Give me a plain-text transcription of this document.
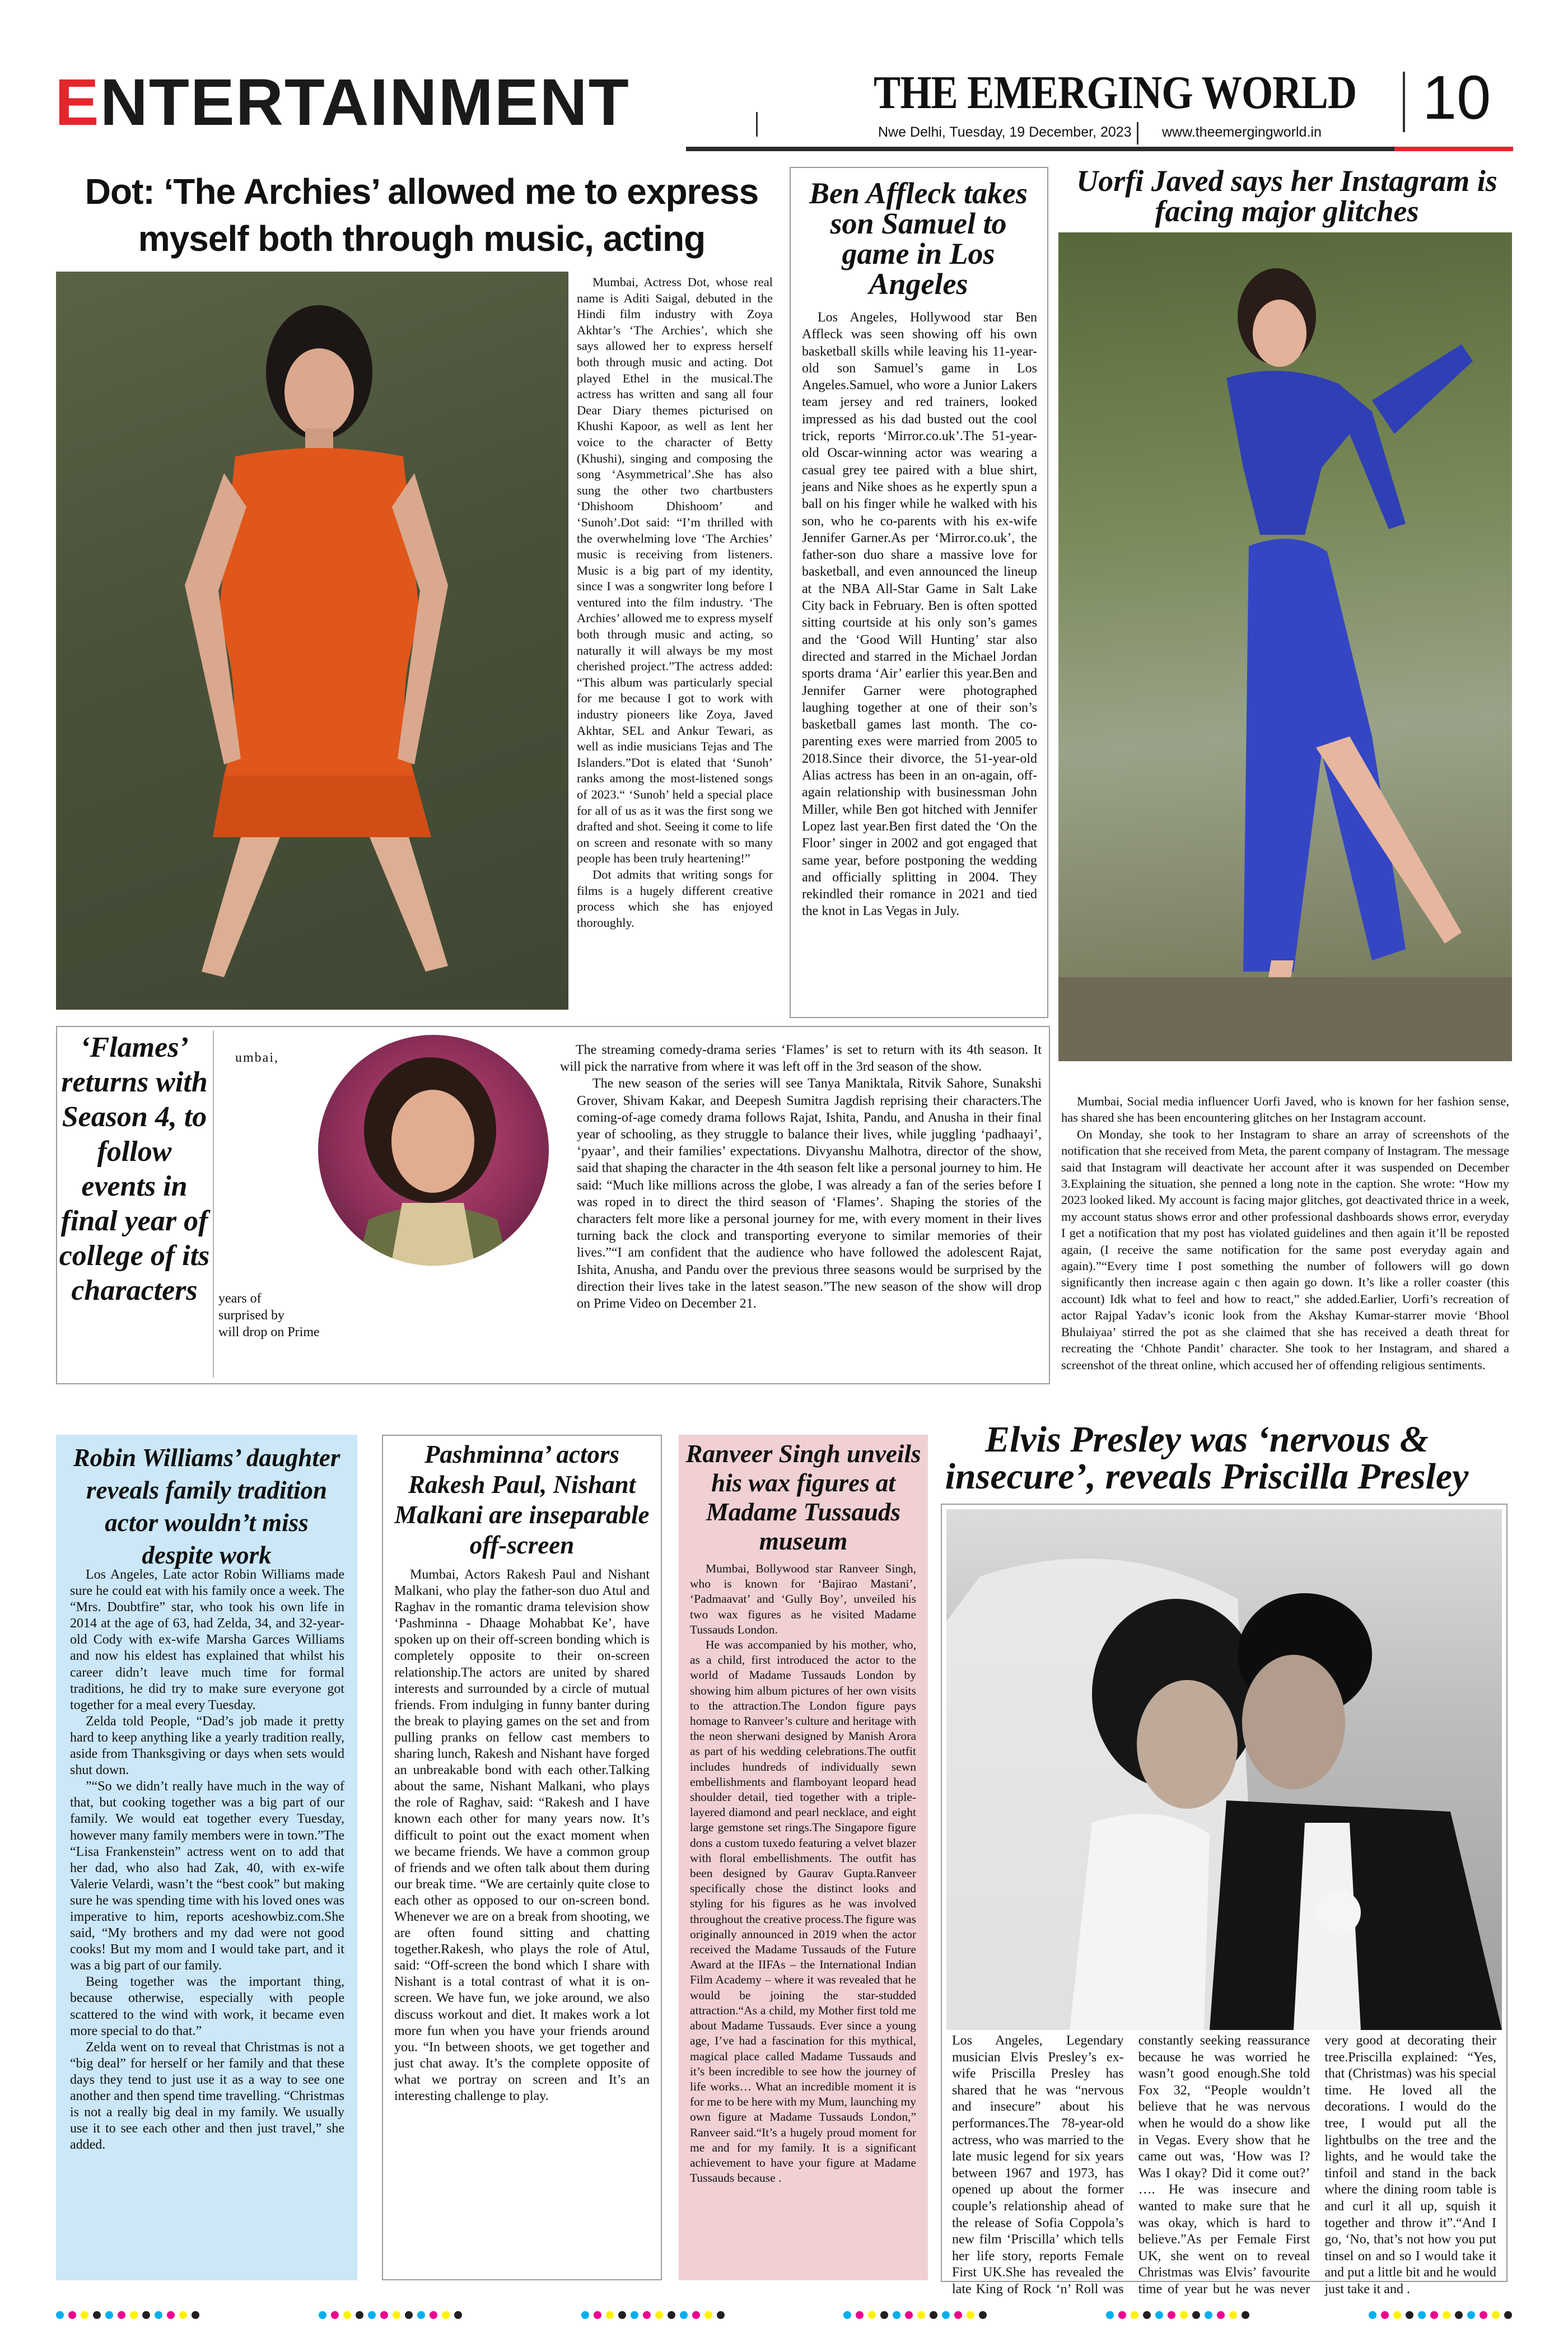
ENTERTAINMENT	THE EMERGING WORLD
Nwe Delhi, Tuesday, 19 December, 2023 www.theemergingworld.in 10
Dot: ‘The Archies’ allowed me to express myself both through music, acting
Mumbai, Actress Dot, whose real name is Aditi Saigal, debuted in the Hindi film industry with Zoya Akhtar’s ‘The Archies’, which she says allowed her to express herself both through music and acting. Dot played Ethel in the musical.The actress has written and sang all four Dear Diary themes picturised on Khushi Kapoor, as well as lent her voice to the character of Betty (Khushi), singing and composing the song ‘Asymmetrical’.She has also sung the other two chartbusters ‘Dhishoom Dhishoom’ and ‘Sunoh’.Dot said: “I’m thrilled with the overwhelming love ‘The Archies’ music is receiving from listeners. Music is a big part of my identity, since I was a songwriter long before I ventured into the film industry. ‘The Archies’ allowed me to express myself both through music and acting, so naturally it will always be my most cherished project.”The actress added: “This album was particularly special for me because I got to work with industry pioneers like Zoya, Javed Akhtar, SEL and Ankur Tewari, as well as indie musicians Tejas and The Islanders.”Dot is elated that ‘Sunoh’ ranks among the most-listened songs of 2023.“ ‘Sunoh’ held a special place for all of us as it was the first song we drafted and shot. Seeing it come to life on screen and resonate with so many people has been truly heartening!”
Dot admits that writing songs for films is a hugely different creative process which she has enjoyed thoroughly.
Ben Affleck takes son Samuel to game in Los Angeles
Los Angeles, Hollywood star Ben Affleck was seen showing off his own basketball skills while leaving his 11-year-old son Samuel’s game in Los Angeles.Samuel, who wore a Junior Lakers team jersey and red trainers, looked impressed as his dad busted out the cool trick, reports ‘Mirror.co.uk’.The 51-year-old Oscar-winning actor was wearing a casual grey tee paired with a blue shirt, jeans and Nike shoes as he expertly spun a ball on his finger while he walked with his son, who he co-parents with his ex-wife Jennifer Garner.As per ‘Mirror.co.uk’, the father-son duo share a massive love for basketball, and even announced the lineup at the NBA All-Star Game in Salt Lake City back in February. Ben is often spotted sitting courtside at his only son’s games and the ‘Good Will Hunting’ star also directed and starred in the Michael Jordan sports drama ‘Air’ earlier this year.Ben and Jennifer Garner were photographed laughing together at one of their son’s basketball games last month. The co-parenting exes were married from 2005 to 2018.Since their divorce, the 51-year-old Alias actress has been in an on-again, off-again relationship with businessman John Miller, while Ben got hitched with Jennifer Lopez last year.Ben first dated the ‘On the Floor’ singer in 2002 and got engaged that same year, before postponing the wedding and officially splitting in 2004. They rekindled their romance in 2021 and tied the knot in Las Vegas in July.
Uorfi Javed says her Instagram is facing major glitches
‘Flames’ returns with Season 4, to follow events in final year of college of its characters
umbai,
years of
surprised by
will drop on Prime
The streaming comedy-drama series ‘Flames’ is set to return with its 4th season. It will pick the narrative from where it was left off in the 3rd season of the show.
The new season of the series will see Tanya Maniktala, Ritvik Sahore, Sunakshi Grover, Shivam Kakar, and Deepesh Sumitra Jagdish reprising their characters.The coming-of-age comedy drama follows Rajat, Ishita, Pandu, and Anusha in their final year of schooling, as they struggle to balance their lives, while juggling ‘padhaayi’, ‘pyaar’, and their families’ expectations. Divyanshu Malhotra, director of the show, said that shaping the character in the 4th season felt like a personal journey to him. He said: “Much like millions across the globe, I was already a fan of the series before I was roped in to direct the third season of ‘Flames’. Shaping the stories of the characters felt more like a personal journey for me, with every moment in their lives turning back the clock and transporting everyone to similar memories of their lives.”“I am confident that the audience who have followed the adolescent Rajat, Ishita, Anusha, and Pandu over the previous three seasons would be surprised by the direction their lives take in the latest season.”The new season of the show will drop on Prime Video on December 21.
Mumbai, Social media influencer Uorfi Javed, who is known for her fashion sense, has shared she has been encountering glitches on her Instagram account.
On Monday, she took to her Instagram to share an array of screenshots of the notification that she received from Meta, the parent company of Instagram. The message said that Instagram will deactivate her account after it was suspended on December 3.Explaining the situation, she penned a long note in the caption. She wrote: “How my 2023 looked liked. My account is facing major glitches, got deactivated thrice in a week, my account status shows error and other professional dashboards shows error, everyday I get a notification that my post has violated guidelines and then again it’ll be reposted again, (I receive the same notification for the same post everyday again and again).”“Every time I post something the number of followers will go down significantly then increase again c then again go down. It’s like a roller coaster (this account) Idk what to feel and how to react,” she added.Earlier, Uorfi’s recreation of actor Rajpal Yadav’s iconic look from the Akshay Kumar-starrer movie ‘Bhool Bhulaiyaa’ stirred the pot as she claimed that she has received a death threat for recreating the ‘Chhote Pandit’ character. She took to her Instagram, and shared a screenshot of the threat online, which accused her of offending religious sentiments.
Robin Williams’ daughter reveals family tradition actor wouldn’t miss despite work
Los Angeles, Late actor Robin Williams made sure he could eat with his family once a week. The “Mrs. Doubtfire” star, who took his own life in 2014 at the age of 63, had Zelda, 34, and 32-year-old Cody with ex-wife Marsha Garces Williams and now his eldest has explained that whilst his career didn’t leave much time for formal traditions, he did try to make sure everyone got together for a meal every Tuesday.
Zelda told People, “Dad’s job made it pretty hard to keep anything like a yearly tradition really, aside from Thanksgiving or days when sets would shut down.
”“So we didn’t really have much in the way of that, but cooking together was a big part of our family. We would eat together every Tuesday, however many family members were in town.”The “Lisa Frankenstein” actress went on to add that her dad, who also had Zak, 40, with ex-wife Valerie Velardi, wasn’t the “best cook” but making sure he was spending time with his loved ones was imperative to him, reports aceshowbiz.com.She said, “My brothers and my dad were not good cooks! But my mom and I would take part, and it was a big part of our family.
Being together was the important thing, because otherwise, especially with people scattered to the wind with work, it became even more special to do that.”
Zelda went on to reveal that Christmas is not a “big deal” for herself or her family and that these days they tend to just use it as a way to see one another and then spend time travelling. “Christmas is not a really big deal in my family. We usually use it to see each other and then just travel,” she added.
Pashminna’ actors Rakesh Paul, Nishant Malkani are inseparable off-screen
Mumbai, Actors Rakesh Paul and Nishant Malkani, who play the father-son duo Atul and Raghav in the romantic drama television show ‘Pashminna - Dhaage Mohabbat Ke’, have spoken up on their off-screen bonding which is completely opposite to their on-screen relationship.The actors are united by shared interests and surrounded by a circle of mutual friends. From indulging in funny banter during the break to playing games on the set and from pulling pranks on fellow cast members to sharing lunch, Rakesh and Nishant have forged an unbreakable bond with each other.Talking about the same, Nishant Malkani, who plays the role of Raghav, said: “Rakesh and I have known each other for many years now. It’s difficult to point out the exact moment when we became friends. We have a common group of friends and we often talk about them during our break time. “We are certainly quite close to each other as opposed to our on-screen bond. Whenever we are on a break from shooting, we are often found sitting and chatting together.Rakesh, who plays the role of Atul, said: “Off-screen the bond which I share with Nishant is a total contrast of what it is on-screen. We have fun, we joke around, we also discuss workout and diet. It makes work a lot more fun when you have your friends around you. “In between shoots, we get together and just chat away. It’s the complete opposite of what we portray on screen and It’s an interesting challenge to play.
Ranveer Singh unveils his wax figures at Madame Tussauds museum
Mumbai, Bollywood star Ranveer Singh, who is known for ‘Bajirao Mastani’, ‘Padmaavat’ and ‘Gully Boy’, unveiled his two wax figures as he visited Madame Tussauds London.
He was accompanied by his mother, who, as a child, first introduced the actor to the world of Madame Tussauds London by showing him album pictures of her own visits to the attraction.The London figure pays homage to Ranveer’s culture and heritage with the neon sherwani designed by Manish Arora as part of his wedding celebrations.The outfit includes hundreds of individually sewn embellishments and flamboyant leopard head shoulder detail, tied together with a triple-layered diamond and pearl necklace, and eight large gemstone set rings.The Singapore figure dons a custom tuxedo featuring a velvet blazer with floral embellishments. The outfit has been designed by Gaurav Gupta.Ranveer specifically chose the distinct looks and styling for his figures as he was involved throughout the creative process.The figure was originally announced in 2019 when the actor received the Madame Tussauds of the Future Award at the IIFAs – the International Indian Film Academy – where it was revealed that he would be joining the star-studded attraction.“As a child, my Mother first told me about Madame Tussauds. Ever since a young age, I’ve had a fascination for this mythical, magical place called Madame Tussauds and it’s been incredible to see how the journey of life works… What an incredible moment it is for me to be here with my Mum, launching my own figure at Madame Tussauds London,” Ranveer said.“It’s a hugely proud moment for me and for my family. It is a significant achievement to have your figure at Madame Tussauds because .
Elvis Presley was ‘nervous & insecure’, reveals Priscilla Presley
Los Angeles, Legendary musician Elvis Presley’s ex-wife Priscilla Presley has shared that he was “nervous and insecure” about his performances.The 78-year-old actress, who was married to the late music legend for six years between 1967 and 1973, has opened up about the former couple’s relationship ahead of the release of Sofia Coppola’s new film ‘Priscilla’ which tells her life story, reports Female First UK.She has revealed the late King of Rock ‘n’ Roll was constantly seeking reassurance because he was worried he wasn’t good enough.She told Fox 32, “People wouldn’t believe that he was nervous when he would do a show like in Vegas. Every show that he came out was, ‘How was I? Was I okay? Did it come out?’ …. He was insecure and wanted to make sure that he was okay, which is hard to believe.”As per Female First UK, she went on to reveal Christmas was Elvis’ favourite time of year but he was never very good at decorating their tree.Priscilla explained: “Yes, that (Christmas) was his special time. He loved all the decorations. I would do the tree, I would put all the lightbulbs on the tree and the lights, and he would take the tinfoil and stand in the back where the dining room table is and curl it all up, squish it together and throw it”.“And I go, ‘No, that’s not how you put tinsel on and so I would take it and put a little bit and he would just take it and .
